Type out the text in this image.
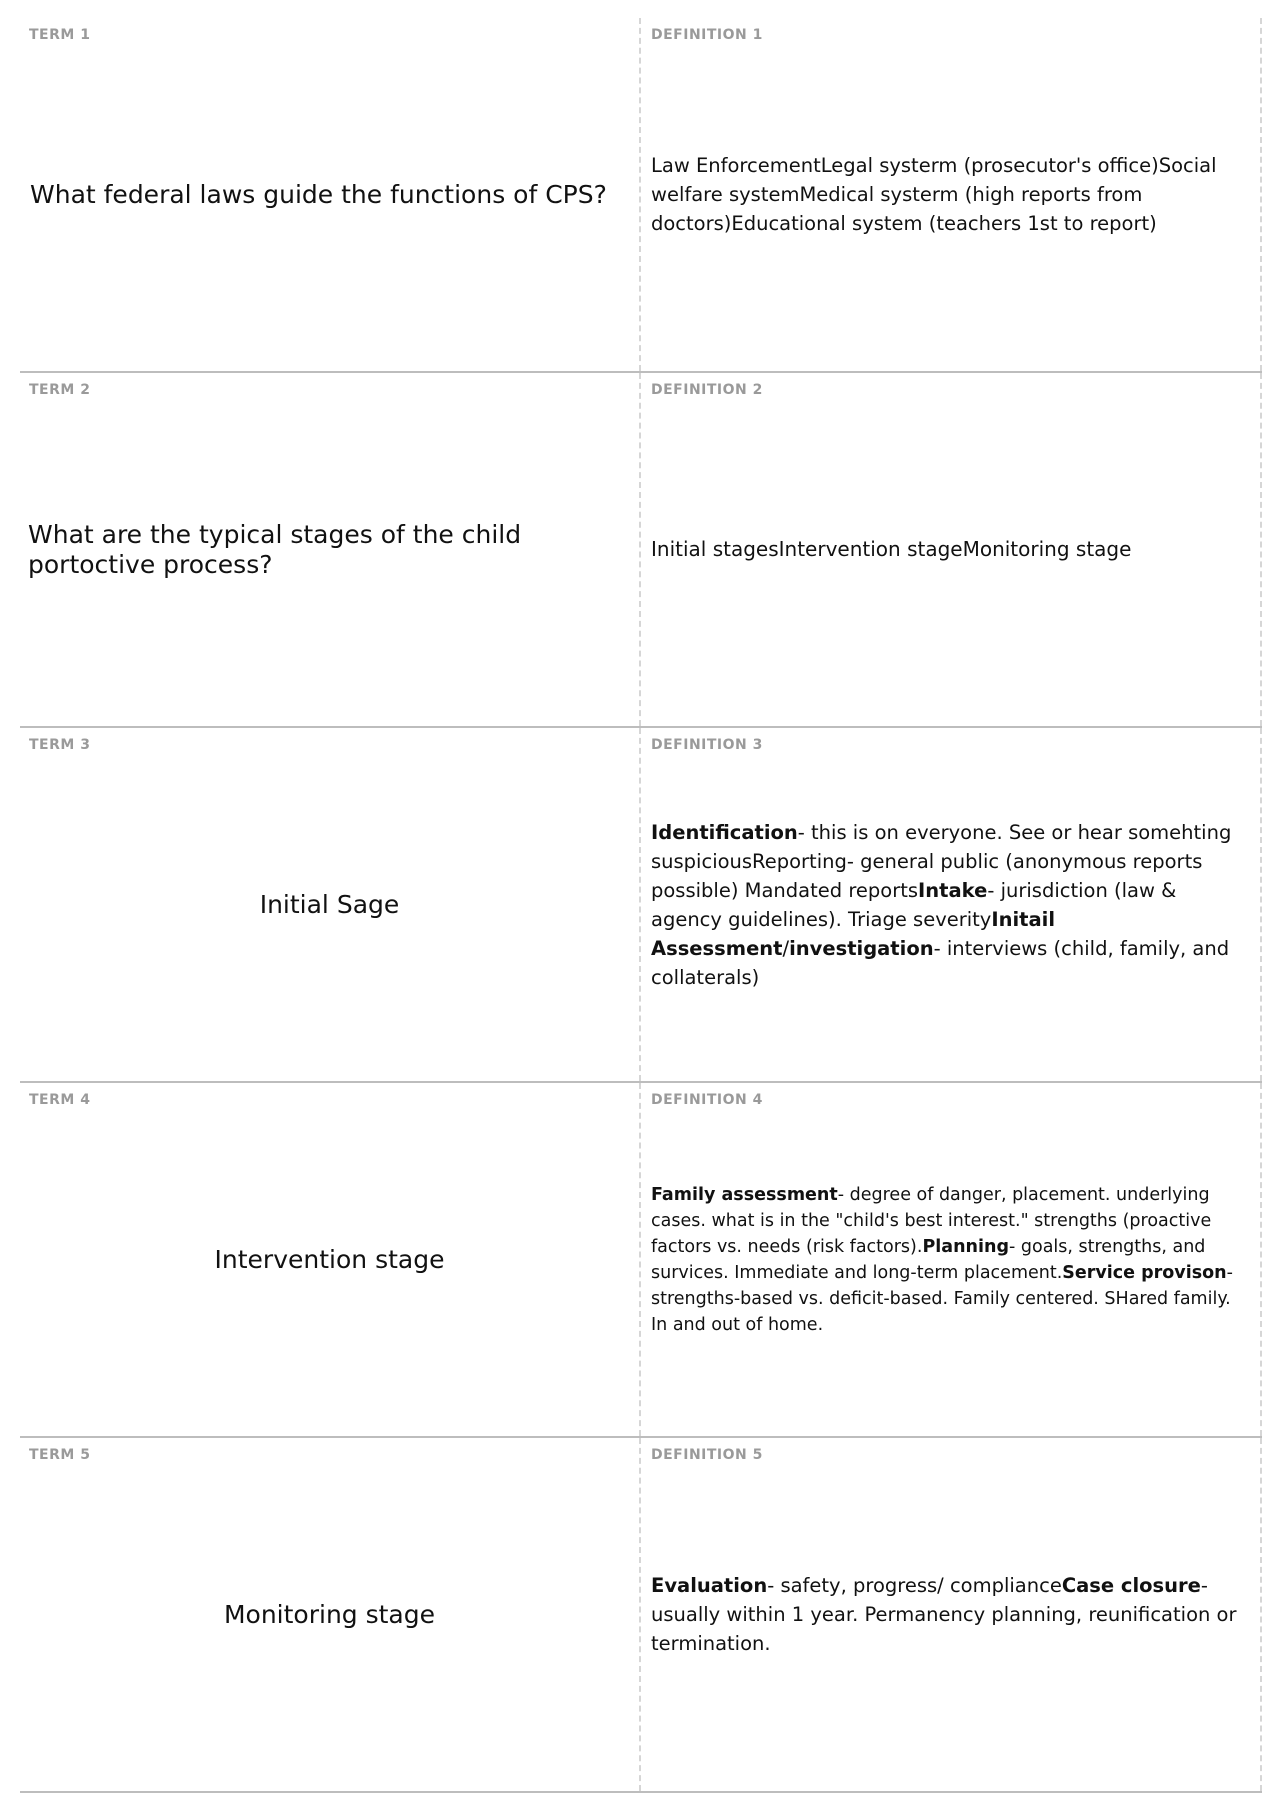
TERM 1
What federal laws guide the functions of CPS?
DEFINITION 1
Law EnforcementLegal systerm (prosecutor's office)Social welfare systemMedical systerm (high reports from doctors)Educational system (teachers 1st to report)
TERM 2
What are the typical stages of the child portoctive process?
DEFINITION 2
Initial stagesIntervention stageMonitoring stage
TERM 3
Initial Sage
DEFINITION 3
Identification- this is on everyone. See or hear somehting suspiciousReporting- general public (anonymous reports possible) Mandated reportsIntake- jurisdiction (law & agency guidelines). Triage severityInitail Assessment/investigation- interviews (child, family, and collaterals)
TERM 4
Intervention stage
DEFINITION 4
Family assessment- degree of danger, placement. underlying cases. what is in the "child's best interest." strengths (proactive factors vs. needs (risk factors).Planning- goals, strengths, and survices. Immediate and long-term placement.Service provison- strengths-based vs. deficit-based. Family centered. SHared family. In and out of home.
TERM 5
Monitoring stage
DEFINITION 5
Evaluation- safety, progress/ complianceCase closure- usually within 1 year. Permanency planning, reunification or termination.
